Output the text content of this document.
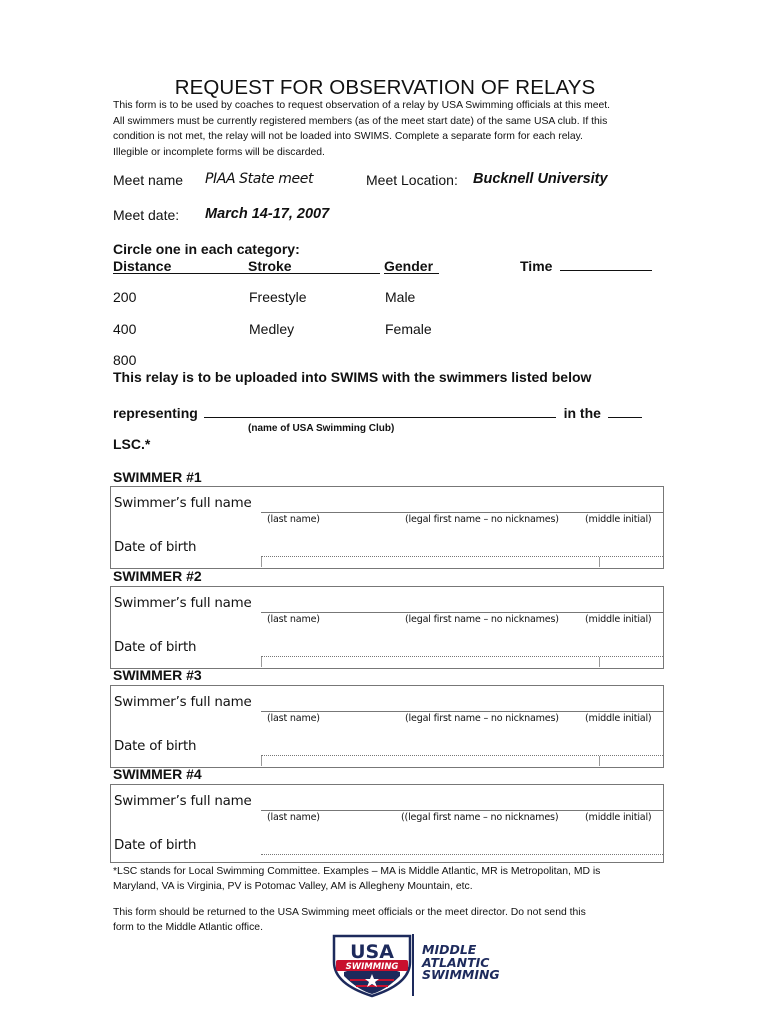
REQUEST FOR OBSERVATION OF RELAYS
This form is to be used by coaches to request observation of a relay by USA Swimming officials at this meet.
All swimmers must be currently registered members (as of the meet start date) of the same USA club. If this
condition is not met, the relay will not be loaded into SWIMS. Complete a separate form for each relay.
Illegible or incomplete forms will be discarded.
Meet name PIAA State meet	Meet Location: Bucknell University
Meet date: March 14-17, 2007
Circle one in each category:
Distance	Stroke	Gender	Time
200	Freestyle	Male
400	Medley	Female
800
This relay is to be uploaded into SWIMS with the swimmers listed below
representing	in the
(name of USA Swimming Club)
LSC.*
SWIMMER #1
Swimmer’s full name
(last name)	(legal first name – no nicknames)	(middle initial)
Date of birth
SWIMMER #2
Swimmer’s full name
(last name)	(legal first name – no nicknames)	(middle initial)
Date of birth
SWIMMER #3
Swimmer’s full name
(last name)	(legal first name – no nicknames)	(middle initial)
Date of birth
SWIMMER #4
Swimmer’s full name
(last name)	((legal first name – no nicknames)	(middle initial)
Date of birth
*LSC stands for Local Swimming Committee. Examples – MA is Middle Atlantic, MR is Metropolitan, MD is
Maryland, VA is Virginia, PV is Potomac Valley, AM is Allegheny Mountain, etc.
This form should be returned to the USA Swimming meet officials or the meet director. Do not send this
form to the Middle Atlantic office.
USA
SWIMMING
MIDDLE
ATLANTIC
SWIMMING
